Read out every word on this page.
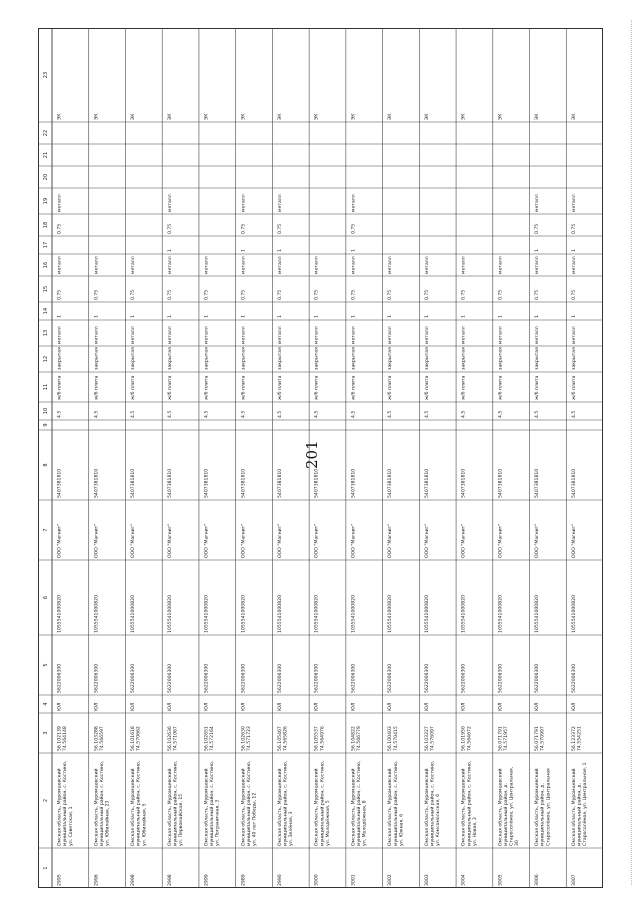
201
1
2
3
4
5
6
7
8
9
10
11
12
13
14
15
16
17
18
19
20
21
22
23
2995
Омская область, Муромцевский муниципальный район, с. Костино, ул. Советская, 1
56.102139 74.564148
ЮЛ
5622006300
1055541000820
ООО "Магнит"
5407381810
4.5
ж/б плита
закрытая
металл
1
0.75
металл
0.75
металл
ЭК
2996
Омская область, Муромцевский муниципальный район, с. Костино, ул. Юбилейная, 23
56.103288 74.566597
ЮЛ
5622006300
1055541000820
ООО "Магнит"
5407381810
4.5
ж/б плита
закрытая
металл
1
0.75
металл
ЭК
2998
Омская область, Муромцевский муниципальный район, с. Костино, ул. Юбилейная, 5
56.101618 74.570662
ЮЛ
5622006300
1055541000820
ООО "Магнит"
5407381810
4.5
ж/б плита
закрытая
металл
1
0.75
металл
ЭК
2998
Омская область, Муромцевский муниципальный район, с. Костино, ул. Первомайская, 15
56.102636 74.571067
ЮЛ
5622006300
1055541000820
ООО "Магнит"
5407381810
4.5
ж/б плита
закрытая
металл
1
0.75
металл
1
0.75
металл
ЭК
2999
Омская область, Муромцевский муниципальный район, с. Костино, ул. Пограничная, 3
56.102651 74.572164
ЮЛ
5622006300
1055541000820
ООО "Магнит"
5407381810
4.5
ж/б плита
закрытая
металл
1
0.75
металл
ЭК
2989
Омская область, Муромцевский муниципальный район, с. Костино, ул. 40 лет Победы, 12
56.102630 74.571723
ЮЛ
5622006300
1055541000820
ООО "Магнит"
5407381810
4.5
ж/б плита
закрытая
металл
1
0.75
металл
1
0.75
металл
ЭК
2990
Омская область, Муромцевский муниципальный район, с. Костино, ул. Зелёная, 3
56.105467 74.565826
ЮЛ
5622006300
1055541000820
ООО "Магнит"
5407381810
4.5
ж/б плита
закрытая
металл
1
0.75
металл
1
0.75
металл
ЭК
3000
Омская область, Муромцевский муниципальный район, с. Костино, ул. Молодёжная, 5
56.105537 74.564976
ЮЛ
5622006300
1055541000820
ООО "Магнит"
5407381810
4.5
ж/б плита
закрытая
металл
1
0.75
металл
ЭК
3001
Омская область, Муромцевский муниципальный район, с. Костино, ул. Молодёжная, 8
56.104822 74.566779
ЮЛ
5622006300
1055541000820
ООО "Магнит"
5407381810
4.5
ж/б плита
закрытая
металл
1
0.75
металл
1
0.75
металл
ЭК
3002
Омская область, Муромцевский муниципальный район, с. Костино, ул. Южная, 6
56.100403 74.570415
ЮЛ
5622006300
1055541000820
ООО "Магнит"
5407381810
4.5
ж/б плита
закрытая
металл
1
0.75
металл
ЭК
3003
Омская область, Муромцевский муниципальный район, с. Костино, ул. Комсомольская, 6
56.103227 74.576097
ЮЛ
5622006300
1055541000820
ООО "Магнит"
5407381810
4.5
ж/б плита
закрытая
металл
1
0.75
металл
ЭК
3004
Омская область, Муромцевский муниципальный район, с. Костино, ул. Новая, 2
56.101950 74.564672
ЮЛ
5622006300
1055541000820
ООО "Магнит"
5407381810
4.5
ж/б плита
закрытая
металл
1
0.75
металл
ЭК
3005
Омская область, Муромцевский муниципальный район, д. Старосолёное, ул. Центральная, 30
56.071791 74.571957
ЮЛ
5622006300
1055541000820
ООО "Магнит"
5407381810
4.5
ж/б плита
закрытая
металл
1
0.75
металл
ЭК
3006
Омская область, Муромцевский муниципальный район, д. Старосолёное, ул. Центральная
56.071791 74.570997
ЮЛ
5622006300
1055541000820
ООО "Магнит"
5407381810
4.5
ж/б плита
закрытая
металл
1
0.75
металл
1
0.75
металл
ЭК
3007
Омская область, Муромцевский муниципальный район, д. Старосолёное, ул. Центральная, 1
56.123372 74.554251
ЮЛ
5622006300
1055541000820
ООО "Магнит"
5407381810
4.5
ж/б плита
закрытая
металл
1
0.75
металл
1
0.75
металл
ЭК
